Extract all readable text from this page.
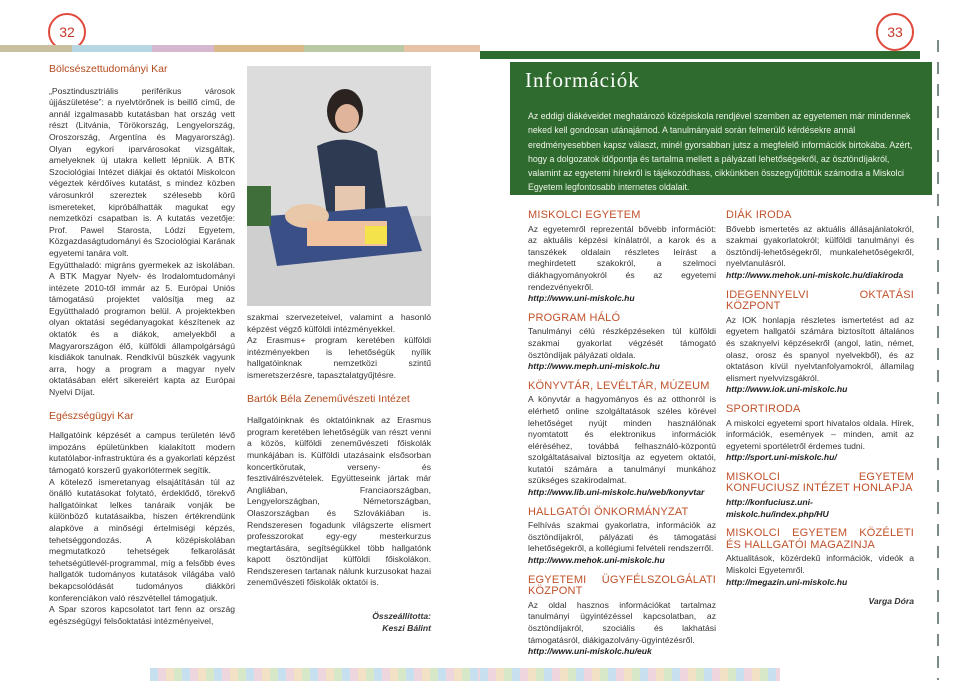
32
Bölcsészettudományi Kar

„Posztindusztriális periférikus városok újjászületése”: a nyelvtörőnek is beillő című, de annál izgalmasabb kutatásban hat ország vett részt (Litvánia, Törökország, Lengyelország, Oroszország, Argentína és Magyarország). Olyan egykori iparvárosokat vizsgáltak, amelyeknek új utakra kellett lépniük. A BTK Szociológiai Intézet diákjai és oktatói Miskolcon végeztek kérdőíves kutatást, s mindez közben városunkról szereztek szélesebb körű ismereteket, kipróbálhatták magukat egy nemzetközi csapatban is. A kutatás vezetője: Prof. Pawel Starosta, Lódzi Egyetem, Közgazdaságtudományi és Szociológiai Karának egyetemi tanára volt.

Együtthaladó: migráns gyermekek az iskolában. A BTK Magyar Nyelv- és Irodalomtudományi intézete 2010-től immár az 5. Európai Uniós támogatású projektet valósítja meg az Együtthaladó programon belül. A projektekben olyan oktatási segédanyagokat készítenek az oktatók és a diákok, amelyekből a Magyarországon élő, külföldi állampolgárságú kisdiákok tanulnak. Rendkívül büszkék vagyunk arra, hogy a program a magyar nyelv oktatásában elért sikereiért kapta az Európai Nyelvi Díjat.

Egészségügyi Kar

Hallgatóink képzését a campus területén lévő impozáns épületünkben kialakított modern kutatólabor-infrastruktúra és a gyakorlati képzést támogató korszerű gyakorlótermek segítik.

A kötelező ismeretanyag elsajátításán túl az önálló kutatásokat folytató, érdeklődő, törekvő hallgatóinkat lelkes tanáraik vonják be különböző kutatásaikba, hiszen értékrendünk alapköve a minőségi értelmiségi képzés, tehetséggondozás. A középiskolában megmutatkozó tehetségek felkarolását tehetségútlevél-programmal, míg a felsőbb éves hallgatók tudományos kutatások világába való bekapcsolódását tudományos diákköri konferenciákon való részvétellel támogatjuk.

A Spar szoros kapcsolatot tart fenn az ország egészségügyi felsőoktatási intézményeivel,

szakmai szervezeteivel, valamint a hasonló képzést végző külföldi intézményekkel.

Az Erasmus+ program keretében külföldi intézményekben is lehetőségük nyílik hallgatóinknak nemzetközi szintű ismeretszerzésre, tapasztalatgyűjtésre.

Bartók Béla Zeneművészeti Intézet

Hallgatóinknak és oktatóinknak az Erasmus program keretében lehetőségük van részt venni a közös, külföldi zeneművészeti főiskolák munkájában is. Külföldi utazásaink elsősorban koncertkörutak, verseny- és fesztiválrészvételek. Együtteseink jártak már Angliában, Franciaországban, Lengyelországban, Németországban, Olaszországban és Szlovákiában is. Rendszeresen fogadunk világszerte elismert professzorokat egy-egy mesterkurzus megtartására, segítségükkel több hallgatónk kapott ösztöndíjat külföldi főiskolákon. Rendszeresen tartanak nálunk kurzusokat hazai zeneművészeti főiskolák oktatói is.

Összeállította:
Keszi Bálint
33
Információk
Az eddigi diákéveidet meghatározó középiskola rendjével szemben az egyetemen már mindennek neked kell gondosan utánajárnod. A tanulmányaid során felmerülő kérdésekre annál eredményesebben kapsz választ, minél gyorsabban jutsz a megfelelő információk birtokába. Azért, hogy a dolgozatok időpontja és tartalma mellett a pályázati lehetőségekről, az ösztöndíjakról, valamint az egyetemi hírekről is tájékozódhass, cikkünkben összegyűjtöttük számodra a Miskolci Egyetem legfontosabb internetes oldalait.
MISKOLCI EGYETEM

Az egyetemről reprezentál bővebb információt: az aktuális képzési kínálatról, a karok és a tanszékek oldalain részletes leírást a meghirdetett szakokról, a szelmoci diákhagyományokról és az egyetemi rendezvényekről.

http://www.uni-miskolc.hu

PROGRAM HÁLÓ

Tanulmányi célú részképzéseken túl külföldi szakmai gyakorlat végzését támogató ösztöndíjak pályázati oldala.

http://www.meph.uni-miskolc.hu

KÖNYVTÁR, LEVÉLTÁR, MÚZEUM

A könyvtár a hagyományos és az otthonról is elérhető online szolgáltatások széles körével lehetőséget nyújt minden használónak nyomtatott és elektronikus információk eléréséhez, továbbá felhasználó-központú szolgáltatásaival biztosítja az egyetem oktatói, kutatói számára a tanulmányi munkához szükséges szakirodalmat.

http://www.lib.uni-miskolc.hu/web/konyvtar

HALLGATÓI ÖNKORMÁNYZAT

Felhívás szakmai gyakorlatra, információk az ösztöndíjakról, pályázati és támogatási lehetőségekről, a kollégiumi felvételi rendszerről.

http://www.mehok.uni-miskolc.hu

EGYETEMI ÜGYFÉLSZOLGÁLATI KÖZPONT

Az oldal hasznos információkat tartalmaz tanulmányi ügyintézéssel kapcsolatban, az ösztöndíjakról, szociális és lakhatási támogatásról, diákigazolvány-ügyintézésről.

http://www.uni-miskolc.hu/euk

DIÁK IRODA

Bővebb ismertetés az aktuális állásajánlatokról, szakmai gyakorlatokról; külföldi tanulmányi és ösztöndíj-lehetőségekről, munkalehetőségekről, nyelvtanulásról.

http://www.mehok.uni-miskolc.hu/diakiroda

IDEGENNYELVI OKTATÁSI KÖZPONT

Az IOK honlapja részletes ismertetést ad az egyetem hallgatói számára biztosított általános és szaknyelvi képzésekről (angol, latin, német, olasz, orosz és spanyol nyelvekből), és az oktatáson kívül nyelvtanfolyamokról, államilag elismert nyelvvizsgákról.

http://www.iok.uni-miskolc.hu

SPORTIRODA

A miskolci egyetemi sport hivatalos oldala. Hírek, információk, események – minden, amit az egyetemi sportéletről érdemes tudni.

http://sport.uni-miskolc.hu/

MISKOLCI EGYETEM KONFUCIUSZ INTÉZET HONLAPJA

http://konfuciusz.uni-miskolc.hu/index.php/HU

MISKOLCI EGYETEM KÖZÉLETI ÉS HALLGATÓI MAGAZINJA

Aktualitások, közérdekű információk, videók a Miskolci Egyetemről.

http://megazin.uni-miskolc.hu

Varga Dóra
